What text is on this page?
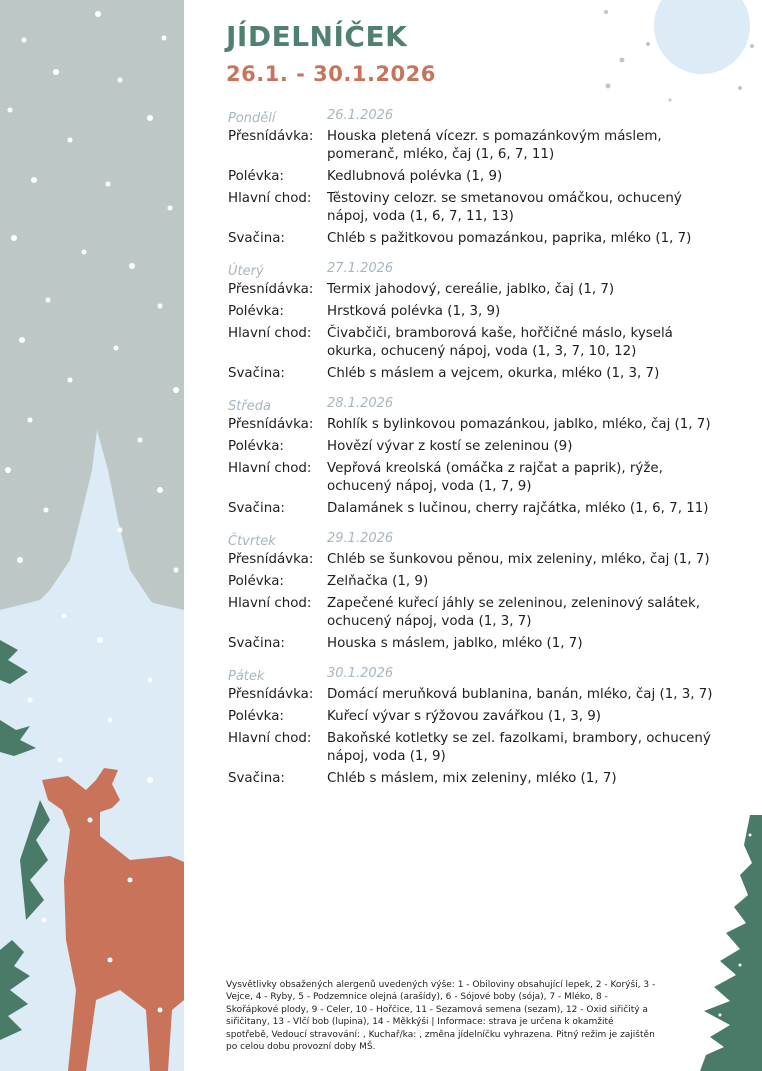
JÍDELNÍČEK
26.1. - 30.1.2026
Pondělí	26.1.2026
Přesnídávka:	Houska pletená vícezr. s pomazánkovým máslem, pomeranč, mléko, čaj (1, 6, 7, 11)
Polévka:	Kedlubnová polévka (1, 9)
Hlavní chod:	Těstoviny celozr. se smetanovou omáčkou, ochucený nápoj, voda (1, 6, 7, 11, 13)
Svačina:	Chléb s pažitkovou pomazánkou, paprika, mléko (1, 7)
Úterý	27.1.2026
Přesnídávka:	Termix jahodový, cereálie, jablko, čaj (1, 7)
Polévka:	Hrstková polévka (1, 3, 9)
Hlavní chod:	Čivabčiči, bramborová kaše, hořčičné máslo, kyselá okurka, ochucený nápoj, voda (1, 3, 7, 10, 12)
Svačina:	Chléb s máslem a vejcem, okurka, mléko (1, 3, 7)
Středa	28.1.2026
Přesnídávka:	Rohlík s bylinkovou pomazánkou, jablko, mléko, čaj (1, 7)
Polévka:	Hovězí vývar z kostí se zeleninou (9)
Hlavní chod:	Vepřová kreolská (omáčka z rajčat a paprik), rýže, ochucený nápoj, voda (1, 7, 9)
Svačina:	Dalamánek s lučinou, cherry rajčátka, mléko (1, 6, 7, 11)
Čtvrtek	29.1.2026
Přesnídávka:	Chléb se šunkovou pěnou, mix zeleniny, mléko, čaj (1, 7)
Polévka:	Zelňačka (1, 9)
Hlavní chod:	Zapečené kuřecí jáhly se zeleninou, zeleninový salátek, ochucený nápoj, voda (1, 3, 7)
Svačina:	Houska s máslem, jablko, mléko (1, 7)
Pátek	30.1.2026
Přesnídávka:	Domácí meruňková bublanina, banán, mléko, čaj (1, 3, 7)
Polévka:	Kuřecí vývar s rýžovou zavářkou (1, 3, 9)
Hlavní chod:	Bakoňské kotletky se zel. fazolkami, brambory, ochucený nápoj, voda (1, 9)
Svačina:	Chléb s máslem, mix zeleniny, mléko (1, 7)

Vysvětlivky obsažených alergenů uvedených výše: 1 - Obiloviny obsahující lepek, 2 - Korýši, 3 - Vejce, 4 - Ryby, 5 - Podzemnice olejná (arašídy), 6 - Sójové boby (sója), 7 - Mléko, 8 - Skořápkové plody, 9 - Celer, 10 - Hořčice, 11 - Sezamová semena (sezam), 12 - Oxid siřičitý a siřičitany, 13 - Vlčí bob (lupina), 14 - Měkkýši | Informace: strava je určena k okamžité spotřebě, Vedoucí stravování: , Kuchař/ka: , změna jídelníčku vyhrazena. Pitný režim je zajištěn po celou dobu provozní doby MŠ.
